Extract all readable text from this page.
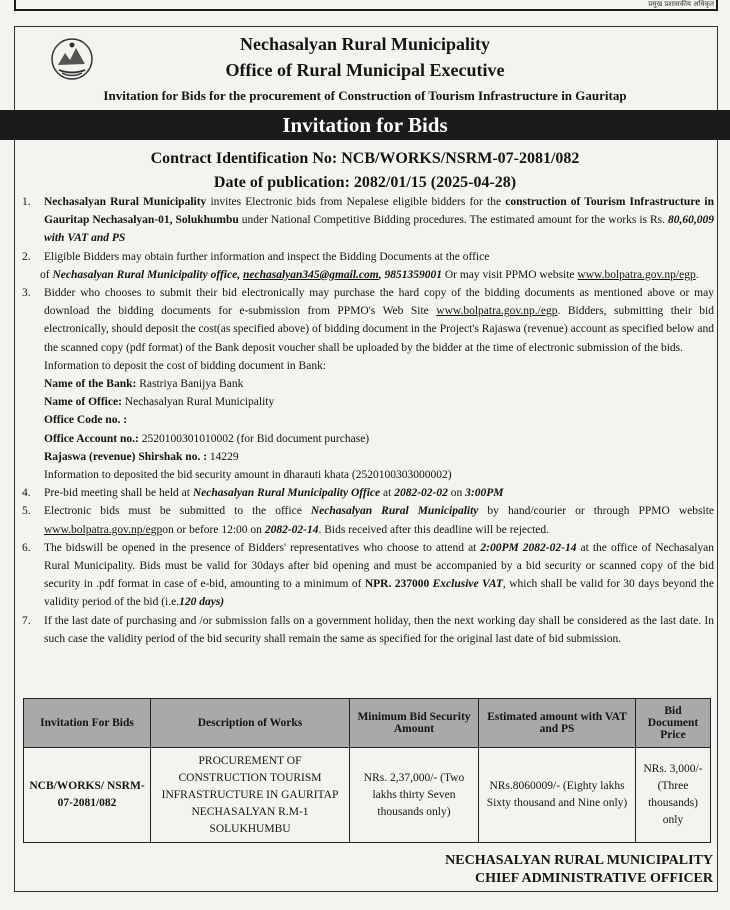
प्रमुख प्रशासकीय अधिकृत
Nechasalyan Rural Municipality
Office of Rural Municipal Executive
Invitation for Bids for the procurement of Construction of Tourism Infrastructure in Gauritap
Invitation for Bids
Contract Identification No: NCB/WORKS/NSRM-07-2081/082
Date of publication: 2082/01/15 (2025-04-28)
1.	Nechasalyan Rural Municipality invites Electronic bids from Nepalese eligible bidders for the construction of Tourism Infrastructure in Gauritap Nechasalyan-01, Solukhumbu under National Competitive Bidding procedures. The estimated amount for the works is Rs. 80,60,009 with VAT and PS
2.	Eligible Bidders may obtain further information and inspect the Bidding Documents at the office
of Nechasalyan Rural Municipality office, nechasalyan345@gmail.com, 9851359001 Or may visit PPMO website www.bolpatra.gov.np/egp.
3.	Bidder who chooses to submit their bid electronically may purchase the hard copy of the bidding documents as mentioned above or may download the bidding documents for e-submission from PPMO's Web Site www.bolpatra.gov.np./egp. Bidders, submitting their bid electronically, should deposit the cost(as specified above) of bidding document in the Project's Rajaswa (revenue) account as specified below and the scanned copy (pdf format) of the Bank deposit voucher shall be uploaded by the bidder at the time of electronic submission of the bids.
Information to deposit the cost of bidding document in Bank:
Name of the Bank: Rastriya Banijya Bank
Name of Office: Nechasalyan Rural Municipality
Office Code no. :
Office Account no.: 2520100301010002 (for Bid document purchase)
Rajaswa (revenue) Shirshak no. : 14229
Information to deposited the bid security amount in dharauti khata (2520100303000002)
4.	Pre-bid meeting shall be held at Nechasalyan Rural Municipality Office at 2082-02-02 on 3:00PM
5.	Electronic bids must be submitted to the office Nechasalyan Rural Municipality by hand/courier or through PPMO website www.bolpatra.gov.np/egpon or before 12:00 on 2082-02-14. Bids received after this deadline will be rejected.
6.	The bidswill be opened in the presence of Bidders' representatives who choose to attend at 2:00PM 2082-02-14 at the office of Nechasalyan Rural Municipality. Bids must be valid for 30days after bid opening and must be accompanied by a bid security or scanned copy of the bid security in .pdf format in case of e-bid, amounting to a minimum of NPR. 237000 Exclusive VAT, which shall be valid for 30 days beyond the validity period of the bid (i.e.120 days)
7.	If the last date of purchasing and /or submission falls on a government holiday, then the next working day shall be considered as the last date. In such case the validity period of the bid security shall remain the same as specified for the original last date of bid submission.
Invitation For Bids	Description of Works	Minimum Bid Security Amount	Estimated amount with VAT and PS	Bid Document Price
NCB/WORKS/ NSRM-07-2081/082	PROCUREMENT OF CONSTRUCTION TOURISM INFRASTRUCTURE IN GAURITAP NECHASALYAN R.M-1 SOLUKHUMBU	NRs. 2,37,000/- (Two lakhs thirty Seven thousands only)	NRs.8060009/- (Eighty lakhs Sixty thousand and Nine only)	NRs. 3,000/- (Three thousands) only
NECHASALYAN RURAL MUNICIPALITY
CHIEF ADMINISTRATIVE OFFICER
